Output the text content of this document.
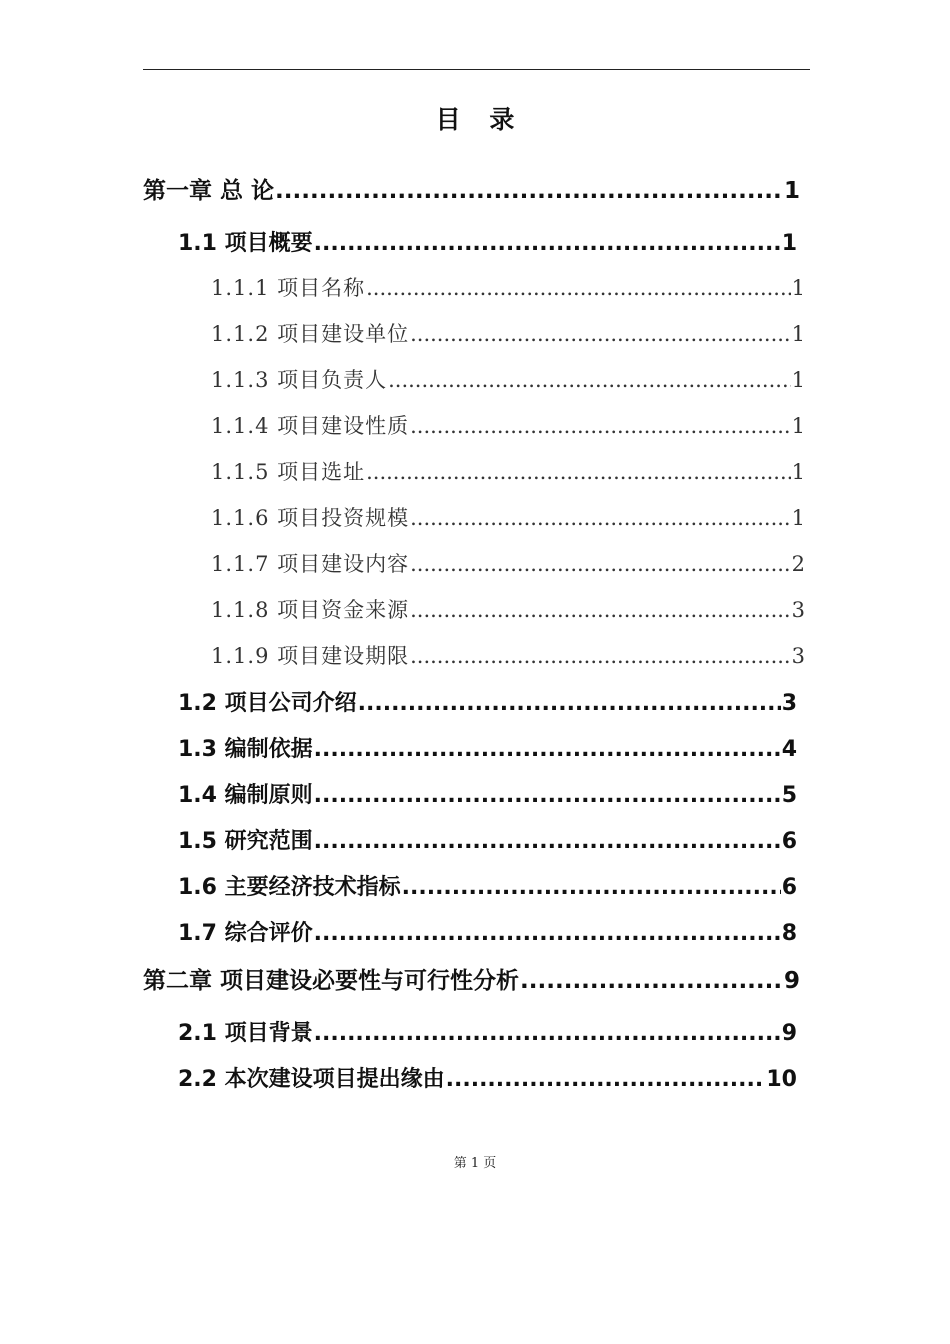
目 录
第一章 总 论 .....	1
1.1 项目概要 .....	1
1.1.1 项目名称 .....	1
1.1.2 项目建设单位 .....	1
1.1.3 项目负责人 .....	1
1.1.4 项目建设性质 .....	1
1.1.5 项目选址 .....	1
1.1.6 项目投资规模 .....	1
1.1.7 项目建设内容 .....	2
1.1.8 项目资金来源 .....	3
1.1.9 项目建设期限 .....	3
1.2 项目公司介绍 .....	3
1.3 编制依据 .....	4
1.4 编制原则 .....	5
1.5 研究范围 .....	6
1.6 主要经济技术指标 .....	6
1.7 综合评价 .....	8
第二章 项目建设必要性与可行性分析 .....	9
2.1 项目背景 .....	9
2.2 本次建设项目提出缘由 .....	10
第 1 页
